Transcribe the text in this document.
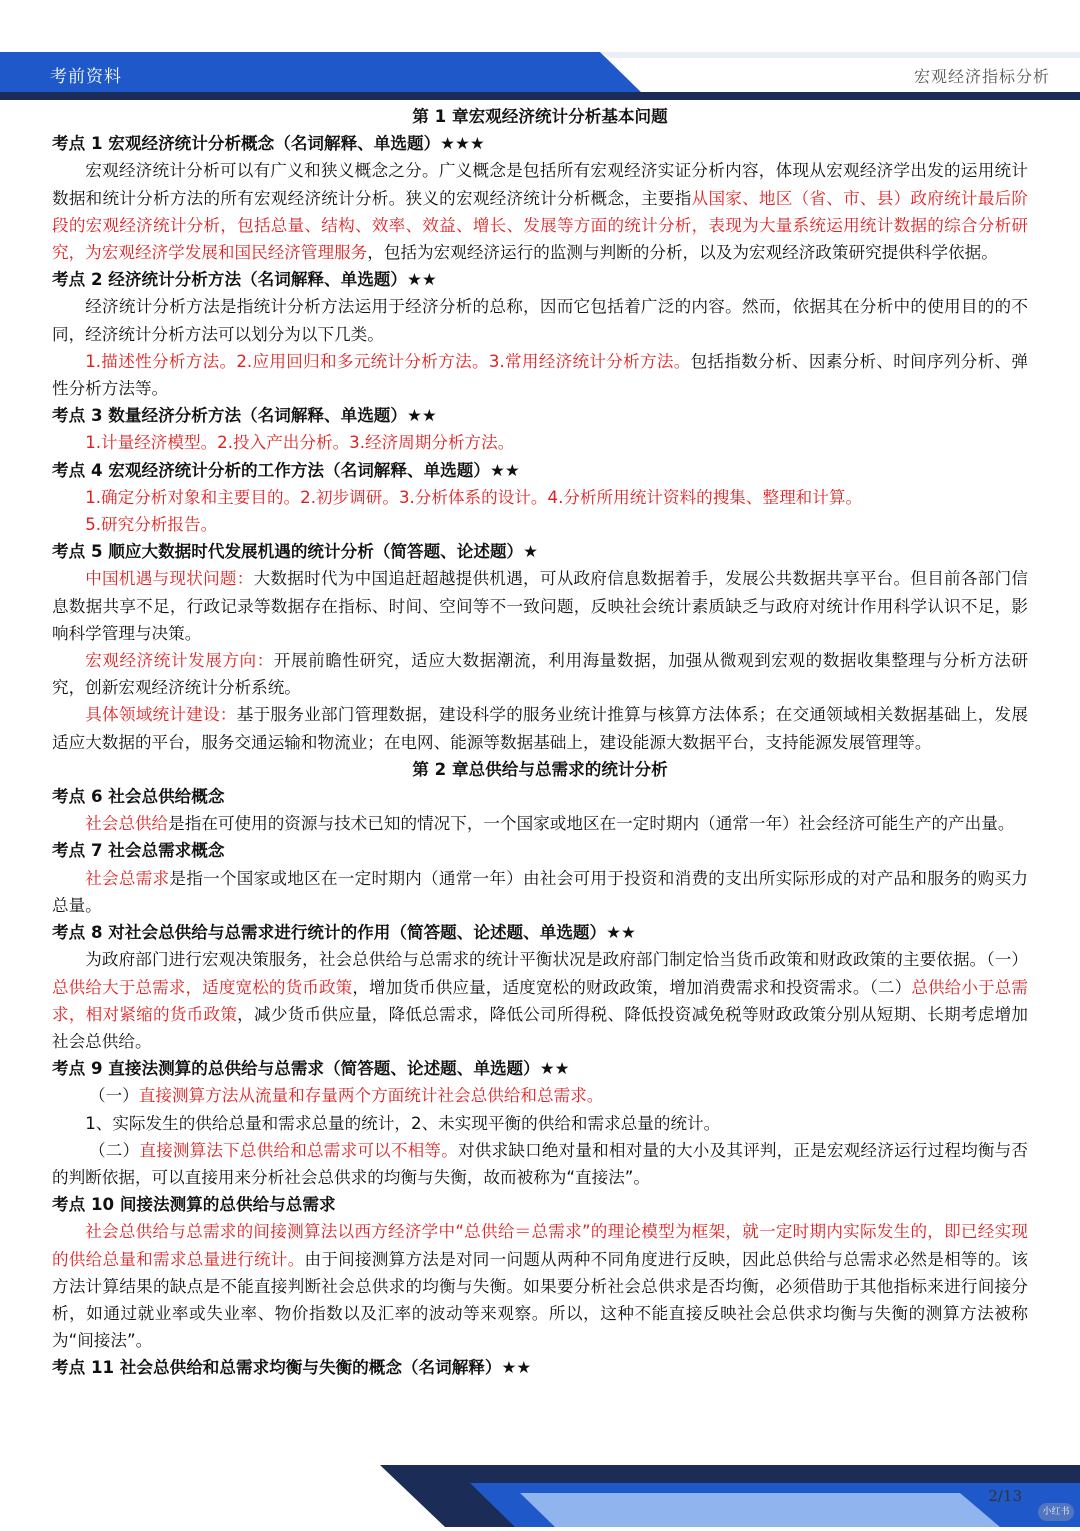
考前资料	宏观经济指标分析
第 1 章宏观经济统计分析基本问题
考点 1 宏观经济统计分析概念（名词解释、单选题）★★★
宏观经济统计分析可以有广义和狭义概念之分。广义概念是包括所有宏观经济实证分析内容，体现从宏观经济学出发的运用统计数据和统计分析方法的所有宏观经济统计分析。狭义的宏观经济统计分析概念，主要指从国家、地区（省、市、县）政府统计最后阶段的宏观经济统计分析，包括总量、结构、效率、效益、增长、发展等方面的统计分析，表现为大量系统运用统计数据的综合分析研究，为宏观经济学发展和国民经济管理服务，包括为宏观经济运行的监测与判断的分析，以及为宏观经济政策研究提供科学依据。
考点 2 经济统计分析方法（名词解释、单选题）★★
经济统计分析方法是指统计分析方法运用于经济分析的总称，因而它包括着广泛的内容。然而，依据其在分析中的使用目的的不同，经济统计分析方法可以划分为以下几类。
1.描述性分析方法。2.应用回归和多元统计分析方法。3.常用经济统计分析方法。包括指数分析、因素分析、时间序列分析、弹性分析方法等。
考点 3 数量经济分析方法（名词解释、单选题）★★
1.计量经济模型。2.投入产出分析。3.经济周期分析方法。
考点 4 宏观经济统计分析的工作方法（名词解释、单选题）★★
1.确定分析对象和主要目的。2.初步调研。3.分析体系的设计。4.分析所用统计资料的搜集、整理和计算。
5.研究分析报告。
考点 5 顺应大数据时代发展机遇的统计分析（简答题、论述题）★
中国机遇与现状问题：大数据时代为中国追赶超越提供机遇，可从政府信息数据着手，发展公共数据共享平台。但目前各部门信息数据共享不足，行政记录等数据存在指标、时间、空间等不一致问题，反映社会统计素质缺乏与政府对统计作用科学认识不足，影响科学管理与决策。
宏观经济统计发展方向：开展前瞻性研究，适应大数据潮流，利用海量数据，加强从微观到宏观的数据收集整理与分析方法研究，创新宏观经济统计分析系统。
具体领域统计建设：基于服务业部门管理数据，建设科学的服务业统计推算与核算方法体系；在交通领域相关数据基础上，发展适应大数据的平台，服务交通运输和物流业；在电网、能源等数据基础上，建设能源大数据平台，支持能源发展管理等。
第 2 章总供给与总需求的统计分析
考点 6 社会总供给概念
社会总供给是指在可使用的资源与技术已知的情况下，一个国家或地区在一定时期内（通常一年）社会经济可能生产的产出量。
考点 7 社会总需求概念
社会总需求是指一个国家或地区在一定时期内（通常一年）由社会可用于投资和消费的支出所实际形成的对产品和服务的购买力总量。
考点 8 对社会总供给与总需求进行统计的作用（简答题、论述题、单选题）★★
为政府部门进行宏观决策服务，社会总供给与总需求的统计平衡状况是政府部门制定恰当货币政策和财政政策的主要依据。（一）总供给大于总需求，适度宽松的货币政策，增加货币供应量，适度宽松的财政政策，增加消费需求和投资需求。（二）总供给小于总需求，相对紧缩的货币政策，减少货币供应量，降低总需求，降低公司所得税、降低投资减免税等财政政策分别从短期、长期考虑增加社会总供给。
考点 9 直接法测算的总供给与总需求（简答题、论述题、单选题）★★
（一）直接测算方法从流量和存量两个方面统计社会总供给和总需求。
1、实际发生的供给总量和需求总量的统计，2、未实现平衡的供给和需求总量的统计。
（二）直接测算法下总供给和总需求可以不相等。对供求缺口绝对量和相对量的大小及其评判，正是宏观经济运行过程均衡与否的判断依据，可以直接用来分析社会总供求的均衡与失衡，故而被称为“直接法”。
考点 10 间接法测算的总供给与总需求
社会总供给与总需求的间接测算法以西方经济学中“总供给＝总需求”的理论模型为框架，就一定时期内实际发生的，即已经实现的供给总量和需求总量进行统计。由于间接测算方法是对同一问题从两种不同角度进行反映，因此总供给与总需求必然是相等的。该方法计算结果的缺点是不能直接判断社会总供求的均衡与失衡。如果要分析社会总供求是否均衡，必须借助于其他指标来进行间接分析，如通过就业率或失业率、物价指数以及汇率的波动等来观察。所以，这种不能直接反映社会总供求均衡与失衡的测算方法被称为“间接法”。
考点 11 社会总供给和总需求均衡与失衡的概念（名词解释）★★
2/13
小红书
